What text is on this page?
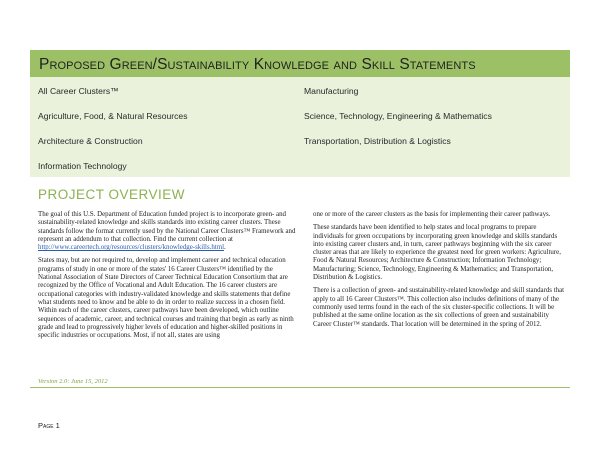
Proposed Green/Sustainability Knowledge and Skill Statements
All Career Clusters™
Agriculture, Food, & Natural Resources
Architecture & Construction
Information Technology
Manufacturing
Science, Technology, Engineering & Mathematics
Transportation, Distribution & Logistics
PROJECT OVERVIEW

The goal of this U.S. Department of Education funded project is to incorporate green- and sustainability-related knowledge and skills standards into existing career clusters. These standards follow the format currently used by the National Career Clusters™ Framework and represent an addendum to that collection. Find the current collection at http://www.careertech.org/resources/clusters/knowledge-skills.html.

States may, but are not required to, develop and implement career and technical education programs of study in one or more of the states' 16 Career Clusters™ identified by the National Association of State Directors of Career Technical Education Consortium that are recognized by the Office of Vocational and Adult Education. The 16 career clusters are occupational categories with industry-validated knowledge and skills statements that define what students need to know and be able to do in order to realize success in a chosen field. Within each of the career clusters, career pathways have been developed, which outline sequences of academic, career, and technical courses and training that begin as early as ninth grade and lead to progressively higher levels of education and higher-skilled positions in specific industries or occupations. Most, if not all, states are using

one or more of the career clusters as the basis for implementing their career pathways.

These standards have been identified to help states and local programs to prepare individuals for green occupations by incorporating green knowledge and skills standards into existing career clusters and, in turn, career pathways beginning with the six career cluster areas that are likely to experience the greatest need for green workers: Agriculture, Food & Natural Resources; Architecture & Construction; Information Technology; Manufacturing; Science, Technology, Engineering & Mathematics; and Transportation, Distribution & Logistics.

There is a collection of green- and sustainability-related knowledge and skill standards that apply to all 16 Career Clusters™. This collection also includes definitions of many of the commonly used terms found in the each of the six cluster-specific collections. It will be published at the same online location as the six collections of green and sustainability Career Cluster™ standards. That location will be determined in the spring of 2012.

Version 2.0: June 15, 2012
Page 1
